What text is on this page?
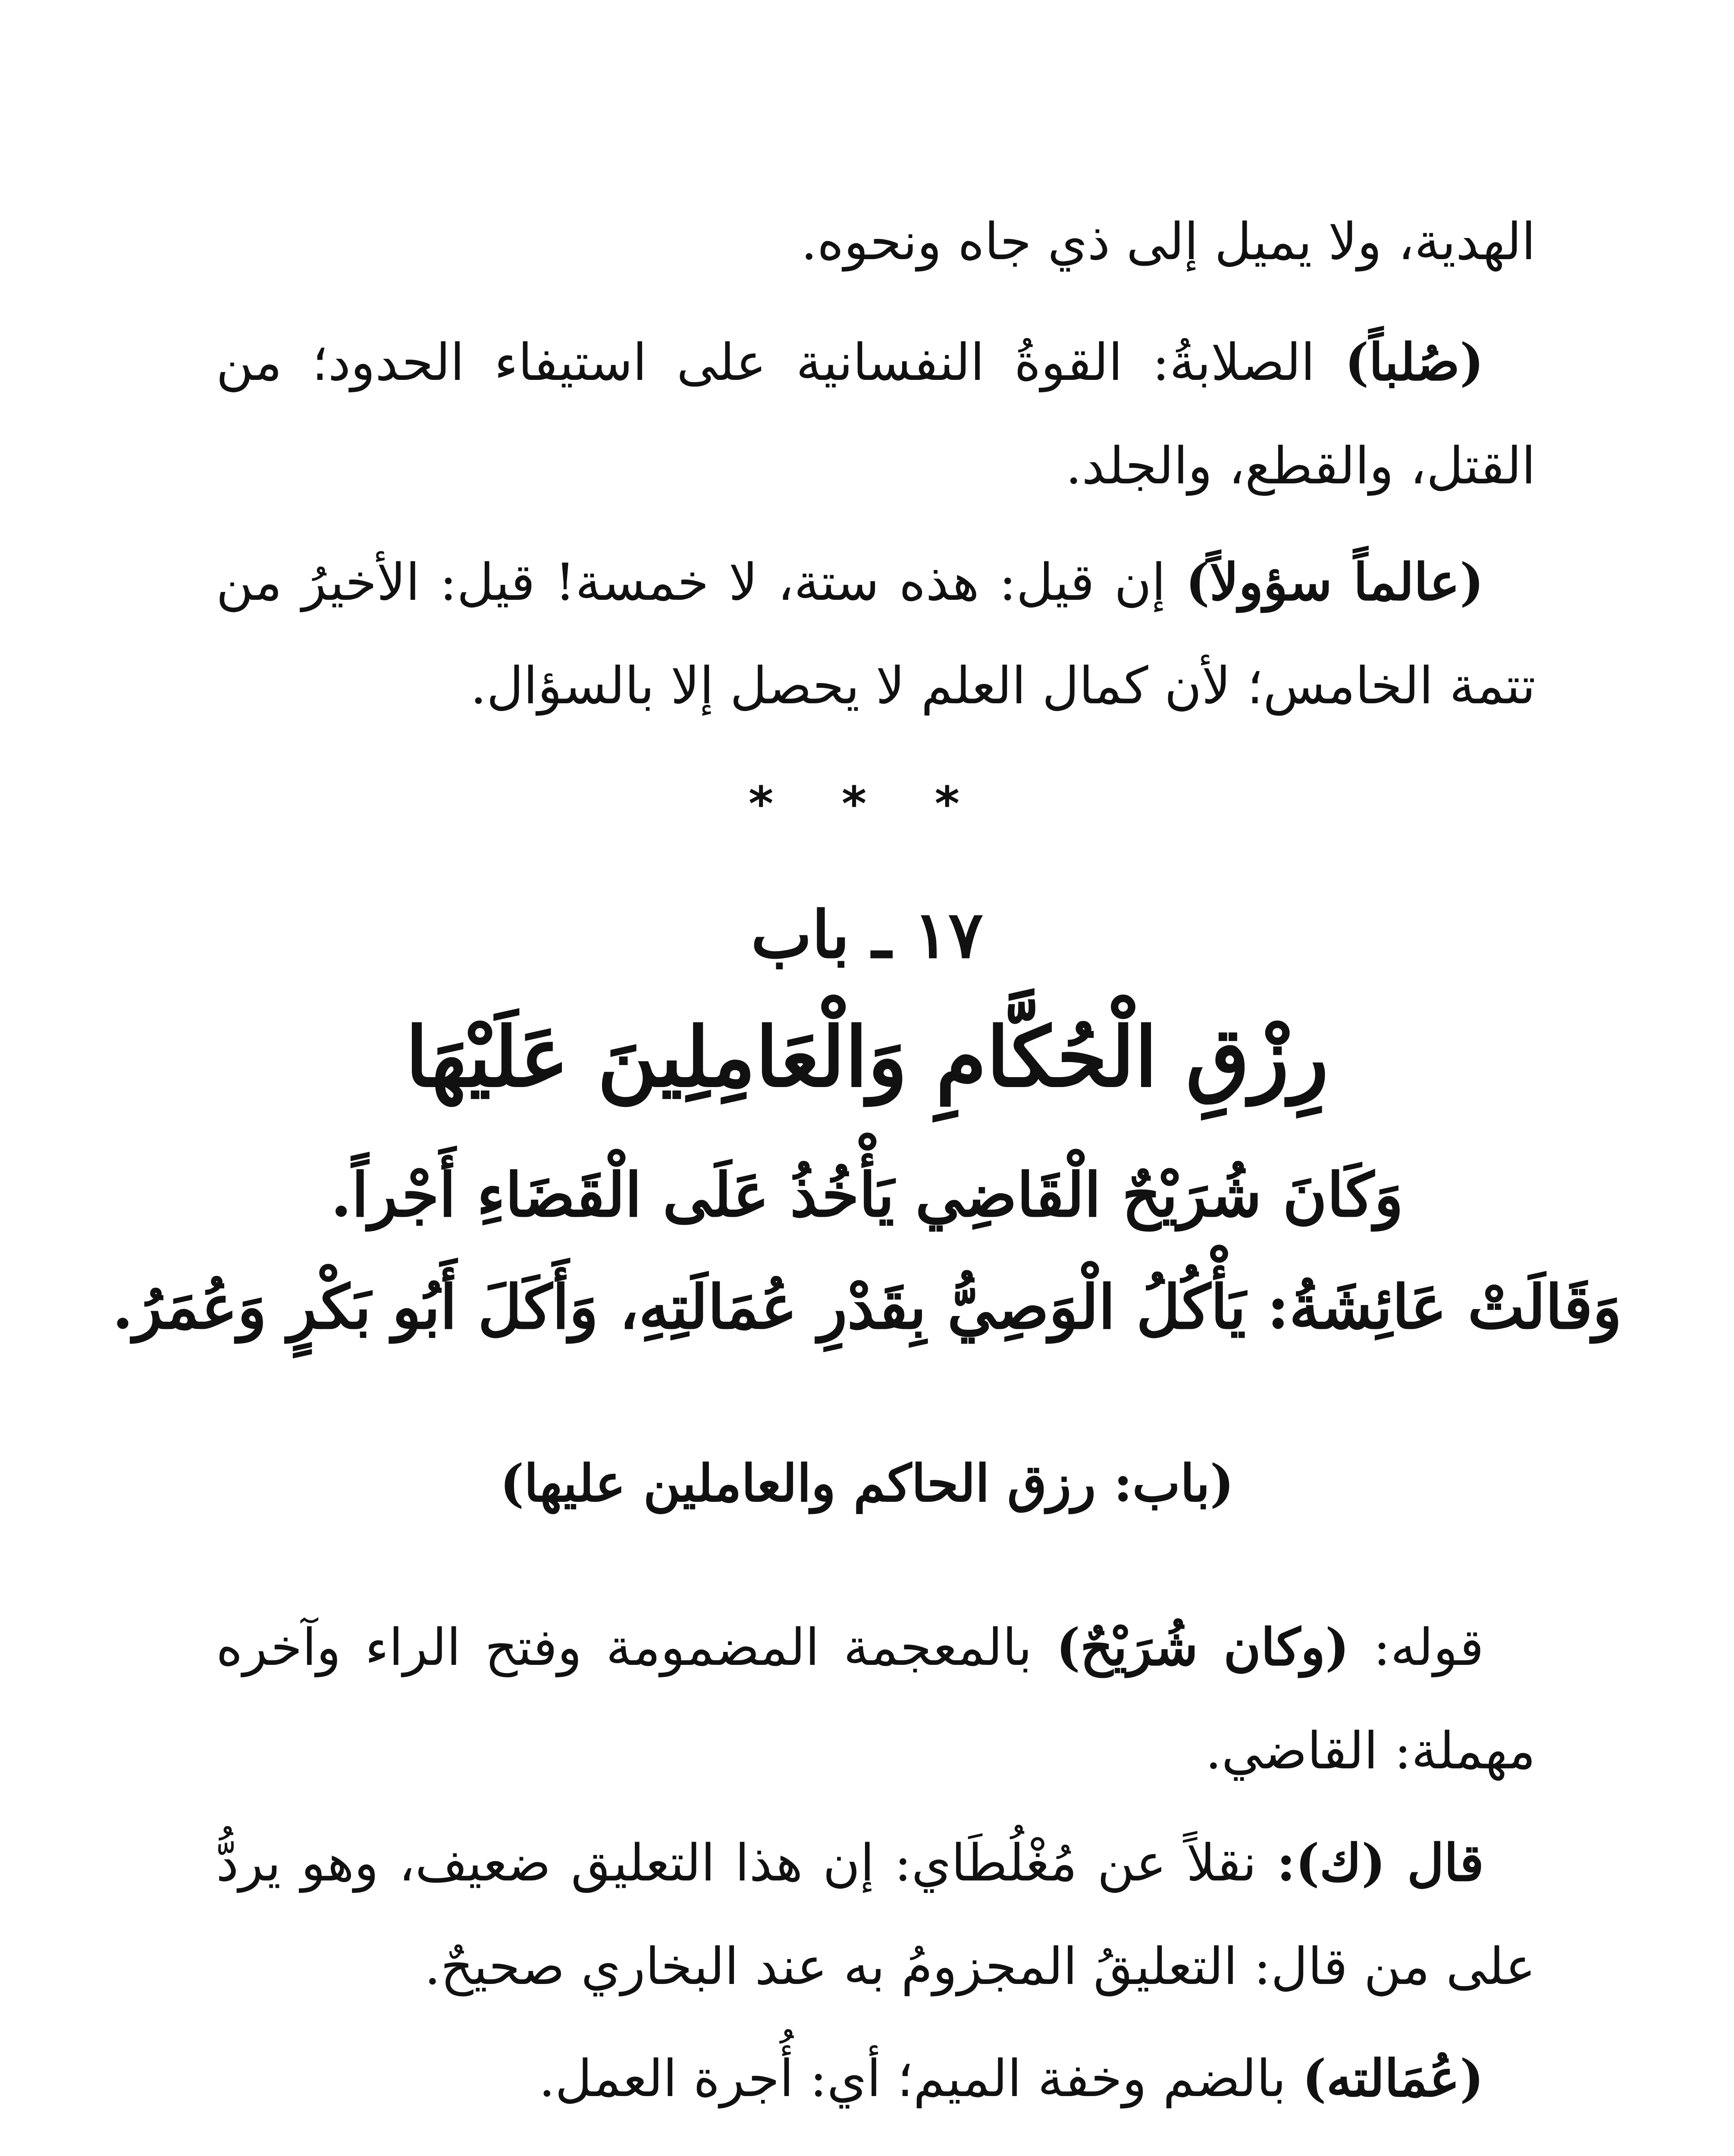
الهدية، ولا يميل إلى ذي جاه ونحوه.
(صُلباً) الصلابةُ: القوةُ النفسانية على استيفاء الحدود؛ من القتل، والقطع، والجلد.
(عالماً سؤولاً) إن قيل: هذه ستة، لا خمسة! قيل: الأخيرُ من تتمة الخامس؛ لأن كمال العلم لا يحصل إلا بالسؤال.
* * *
١٧ ـ باب
رِزْقِ الْحُكَّامِ وَالْعَامِلِينَ عَلَيْهَا
وَكَانَ شُرَيْحٌ الْقَاضِي يَأْخُذُ عَلَى الْقَضَاءِ أَجْراً.
وَقَالَتْ عَائِشَةُ: يَأْكُلُ الْوَصِيُّ بِقَدْرِ عُمَالَتِهِ، وَأَكَلَ أَبُو بَكْرٍ وَعُمَرُ.
(باب: رزق الحاكم والعاملين عليها)
قوله: (وكان شُرَيْحٌ) بالمعجمة المضمومة وفتح الراء وآخره مهملة: القاضي.
قال (ك): نقلاً عن مُغْلُطَاي: إن هذا التعليق ضعيف، وهو يردُّ على من قال: التعليقُ المجزومُ به عند البخاري صحيحٌ.
(عُمَالته) بالضم وخفة الميم؛ أي: أُجرة العمل.
